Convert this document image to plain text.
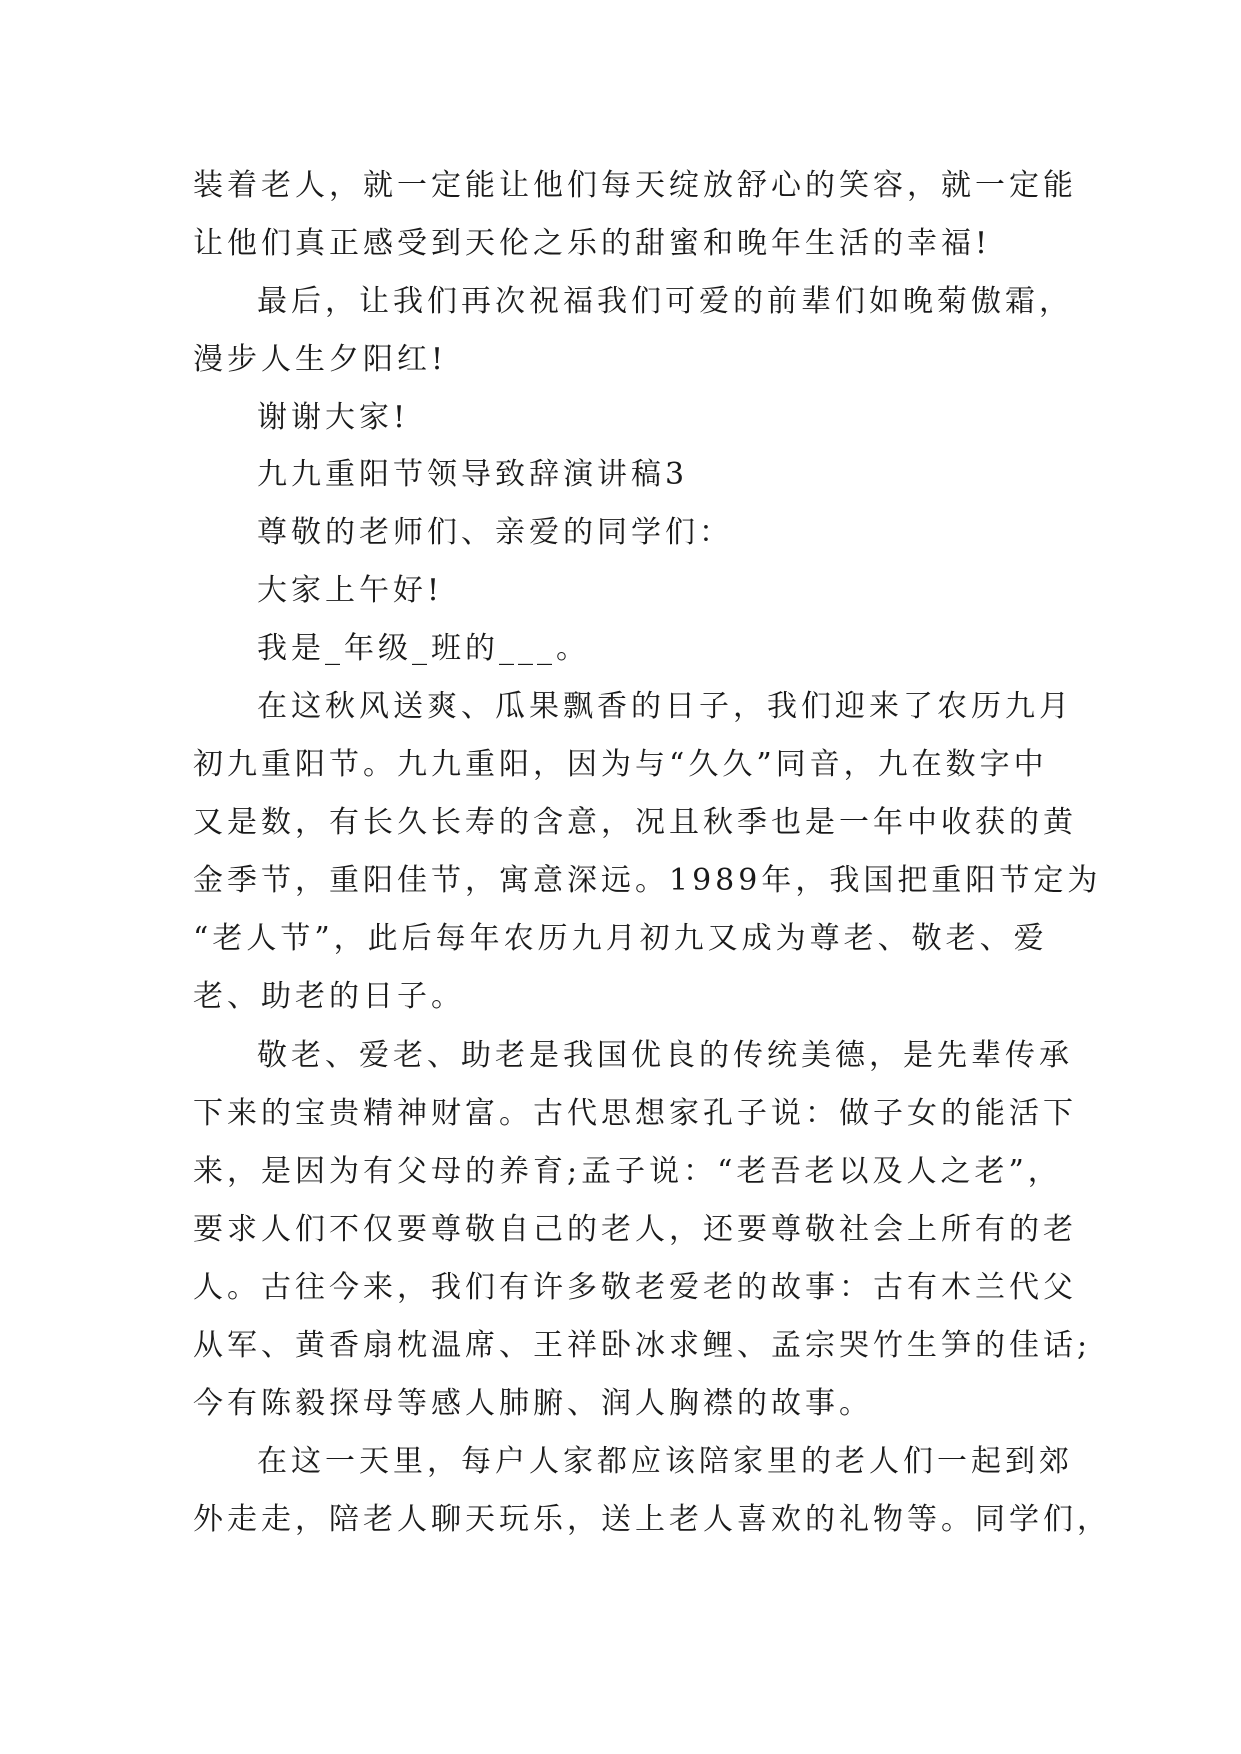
装着老人，就一定能让他们每天绽放舒心的笑容，就一定能
让他们真正感受到天伦之乐的甜蜜和晚年生活的幸福!
最后，让我们再次祝福我们可爱的前辈们如晚菊傲霜，
漫步人生夕阳红!
谢谢大家!
九九重阳节领导致辞演讲稿3
尊敬的老师们、亲爱的同学们：
大家上午好!
我是_年级_班的___。
在这秋风送爽、瓜果飘香的日子，我们迎来了农历九月
初九重阳节。九九重阳，因为与“久久”同音，九在数字中
又是数，有长久长寿的含意，况且秋季也是一年中收获的黄
金季节，重阳佳节，寓意深远。1989年，我国把重阳节定为
“老人节”，此后每年农历九月初九又成为尊老、敬老、爱
老、助老的日子。
敬老、爱老、助老是我国优良的传统美德，是先辈传承
下来的宝贵精神财富。古代思想家孔子说：做子女的能活下
来，是因为有父母的养育;孟子说：“老吾老以及人之老”，
要求人们不仅要尊敬自己的老人，还要尊敬社会上所有的老
人。古往今来，我们有许多敬老爱老的故事：古有木兰代父
从军、黄香扇枕温席、王祥卧冰求鲤、孟宗哭竹生笋的佳话;
今有陈毅探母等感人肺腑、润人胸襟的故事。
在这一天里，每户人家都应该陪家里的老人们一起到郊
外走走，陪老人聊天玩乐，送上老人喜欢的礼物等。同学们，
